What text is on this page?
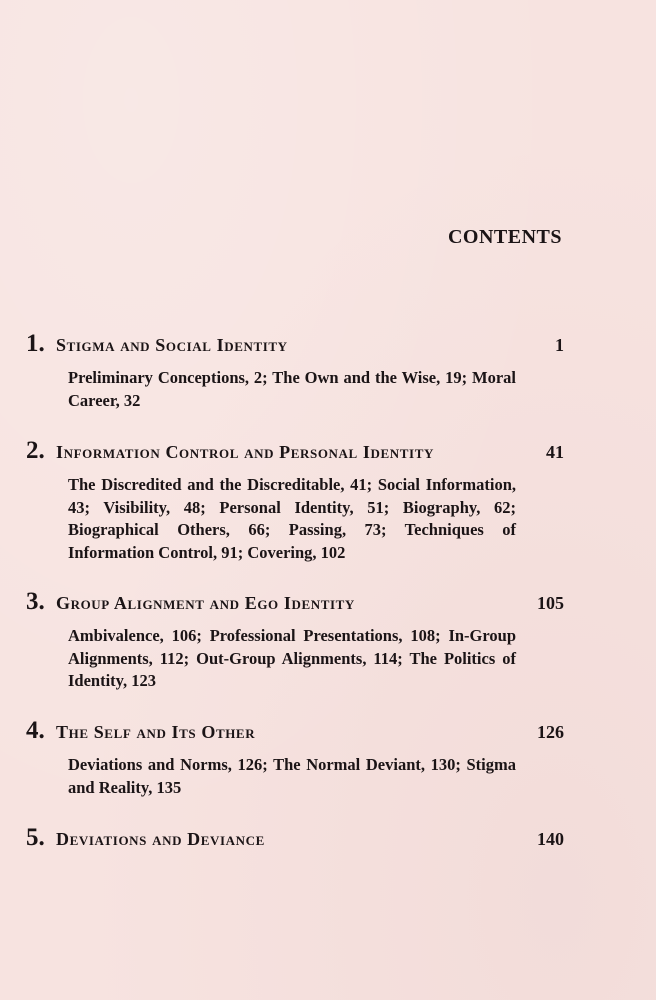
CONTENTS
1. Stigma and Social Identity	1
Preliminary Conceptions, 2; The Own and the Wise, 19; Moral Career, 32
2. Information Control and Personal Identity	41
The Discredited and the Discreditable, 41; Social Information, 43; Visibility, 48; Personal Identity, 51; Biography, 62; Biographical Others, 66; Passing, 73; Techniques of Information Control, 91; Covering, 102
3. Group Alignment and Ego Identity	105
Ambivalence, 106; Professional Presentations, 108; In-Group Alignments, 112; Out-Group Alignments, 114; The Politics of Identity, 123
4. The Self and Its Other	126
Deviations and Norms, 126; The Normal Deviant, 130; Stigma and Reality, 135
5. Deviations and Deviance	140
